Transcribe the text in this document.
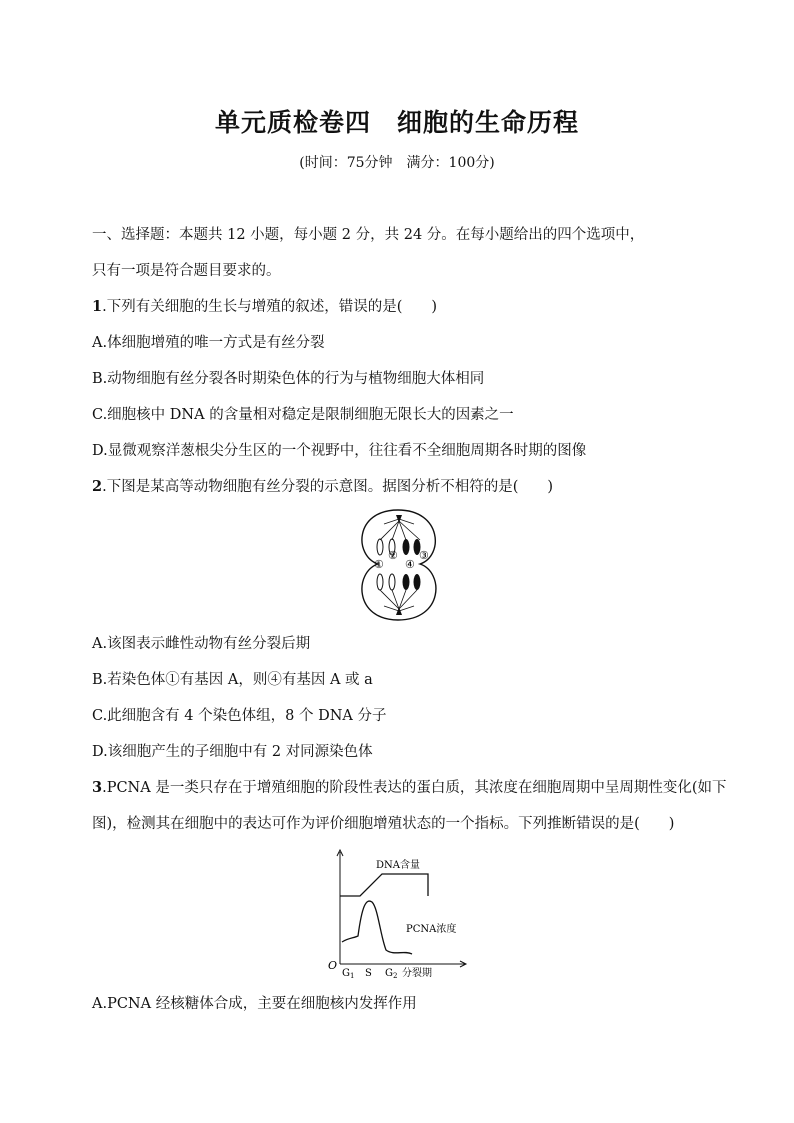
单元质检卷四　细胞的生命历程
(时间：75分钟　满分：100分)
一、选择题：本题共 12 小题，每小题 2 分，共 24 分。在每小题给出的四个选项中，
只有一项是符合题目要求的。
1.下列有关细胞的生长与增殖的叙述，错误的是(　　)
A.体细胞增殖的唯一方式是有丝分裂
B.动物细胞有丝分裂各时期染色体的行为与植物细胞大体相同
C.细胞核中 DNA 的含量相对稳定是限制细胞无限长大的因素之一
D.显微观察洋葱根尖分生区的一个视野中，往往看不全细胞周期各时期的图像
2.下图是某高等动物细胞有丝分裂的示意图。据图分析不相符的是(　　)
①
② ③
④
A.该图表示雌性动物有丝分裂后期
B.若染色体①有基因 A，则④有基因 A 或 a
C.此细胞含有 4 个染色体组，8 个 DNA 分子
D.该细胞产生的子细胞中有 2 对同源染色体
3.PCNA 是一类只存在于增殖细胞的阶段性表达的蛋白质，其浓度在细胞周期中呈周期性变化(如下
图)，检测其在细胞中的表达可作为评价细胞增殖状态的一个指标。下列推断错误的是(　　)
O
DNA含量
PCNA浓度
$G_1$ S $G_2$ 分裂期
A.PCNA 经核糖体合成，主要在细胞核内发挥作用
